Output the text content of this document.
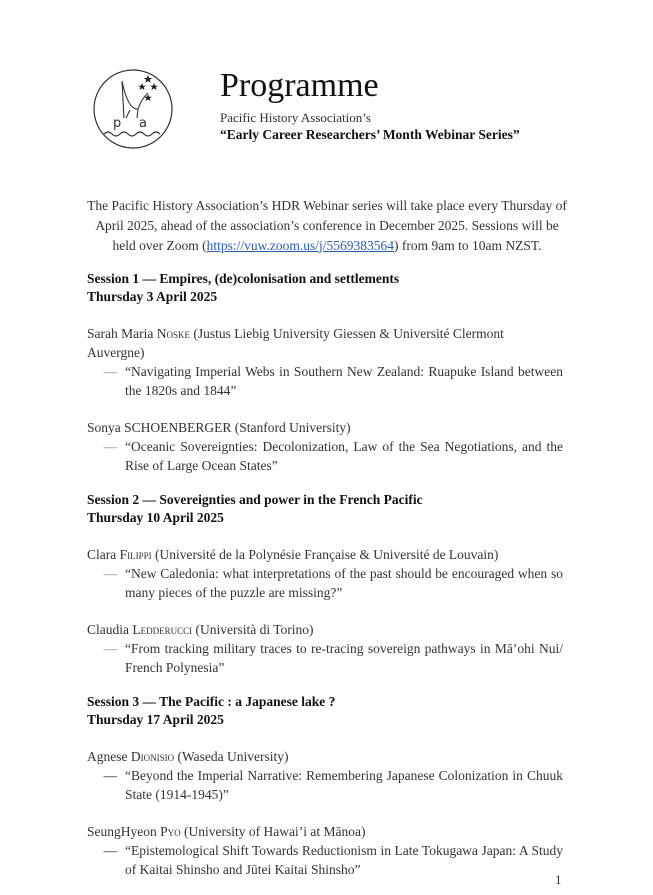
p a
Programme
Pacific History Association’s
“Early Career Researchers’ Month Webinar Series”

The Pacific History Association’s HDR Webinar series will take place every Thursday of April 2025, ahead of the association’s conference in December 2025. Sessions will be held over Zoom (https://vuw.zoom.us/j/5569383564) from 9am to 10am NZST.

Session 1 — Empires, (de)colonisation and settlements
Thursday 3 April 2025
Sarah Maria Noske (Justus Liebig University Giessen & Université Clermont Auvergne)
— “Navigating Imperial Webs in Southern New Zealand: Ruapuke Island between the 1820s and 1844”
Sonya SCHOENBERGER (Stanford University)
— “Oceanic Sovereignties: Decolonization, Law of the Sea Negotiations, and the Rise of Large Ocean States”
Session 2 — Sovereignties and power in the French Pacific
Thursday 10 April 2025
Clara Filippi (Université de la Polynésie Française & Université de Louvain)
— “New Caledonia: what interpretations of the past should be encouraged when so many pieces of the puzzle are missing?”
Claudia Ledderucci (Università di Torino)
— “From tracking military traces to re-tracing sovereign pathways in Mā’ohi Nui/ French Polynesia”
Session 3 — The Pacific : a Japanese lake ?
Thursday 17 April 2025
Agnese Dionisio (Waseda University)
— “Beyond the Imperial Narrative: Remembering Japanese Colonization in Chuuk State (1914-1945)”
SeungHyeon Pyo (University of Hawai’i at Mānoa)
— “Epistemological Shift Towards Reductionism in Late Tokugawa Japan: A Study of Kaitai Shinsho and Jūtei Kaitai Shinsho”
1
